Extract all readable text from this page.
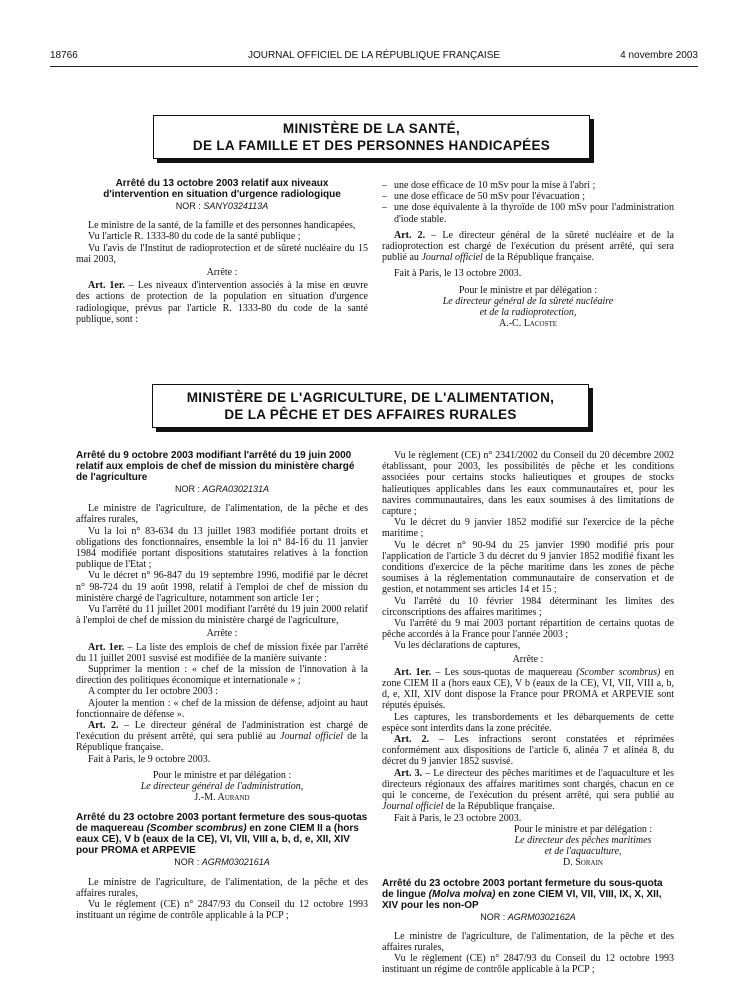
18766	JOURNAL OFFICIEL DE LA RÉPUBLIQUE FRANÇAISE	4 novembre 2003
MINISTÈRE DE LA SANTÉ,
DE LA FAMILLE ET DES PERSONNES HANDICAPÉES
Arrêté du 13 octobre 2003 relatif aux niveaux d'intervention en situation d'urgence radiologique
NOR : SANY0324113A

Le ministre de la santé, de la famille et des personnes handicapées,

Vu l'article R. 1333-80 du code de la santé publique ;

Vu l'avis de l'Institut de radioprotection et de sûreté nucléaire du 15 mai 2003,

Arrête :

Art. 1er. – Les niveaux d'intervention associés à la mise en œuvre des actions de protection de la population en situation d'urgence radiologique, prévus par l'article R. 1333-80 du code de la santé publique, sont :

– une dose efficace de 10 mSv pour la mise à l'abri ;

– une dose efficace de 50 mSv pour l'évacuation ;

– une dose équivalente à la thyroïde de 100 mSv pour l'administration d'iode stable.

Art. 2. – Le directeur général de la sûreté nucléaire et de la radioprotection est chargé de l'exécution du présent arrêté, qui sera publié au Journal officiel de la République française.

Fait à Paris, le 13 octobre 2003.

Pour le ministre et par délégation :
Le directeur général de la sûreté nucléaire
et de la radioprotection,
A.-C. Lacoste
MINISTÈRE DE L'AGRICULTURE, DE L'ALIMENTATION,
DE LA PÊCHE ET DES AFFAIRES RURALES
Arrêté du 9 octobre 2003 modifiant l'arrêté du 19 juin 2000 relatif aux emplois de chef de mission du ministère chargé de l'agriculture
NOR : AGRA0302131A

Le ministre de l'agriculture, de l'alimentation, de la pêche et des affaires rurales,

Vu la loi n° 83-634 du 13 juillet 1983 modifiée portant droits et obligations des fonctionnaires, ensemble la loi n° 84-16 du 11 janvier 1984 modifiée portant dispositions statutaires relatives à la fonction publique de l'Etat ;

Vu le décret n° 96-847 du 19 septembre 1996, modifié par le décret n° 98-724 du 19 août 1998, relatif à l'emploi de chef de mission du ministère chargé de l'agriculture, notamment son article 1er ;

Vu l'arrêté du 11 juillet 2001 modifiant l'arrêté du 19 juin 2000 relatif à l'emploi de chef de mission du ministère chargé de l'agriculture,

Arrête :

Art. 1er. – La liste des emplois de chef de mission fixée par l'arrêté du 11 juillet 2001 susvisé est modifiée de la manière suivante :

Supprimer la mention : « chef de la mission de l'innovation à la direction des politiques économique et internationale » ;

A compter du 1er octobre 2003 :

Ajouter la mention : « chef de la mission de défense, adjoint au haut fonctionnaire de défense ».

Art. 2. – Le directeur général de l'administration est chargé de l'exécution du présent arrêté, qui sera publié au Journal officiel de la République française.

Fait à Paris, le 9 octobre 2003.

Pour le ministre et par délégation :
Le directeur général de l'administration,
J.-M. Aurand
Arrêté du 23 octobre 2003 portant fermeture des sous-quotas de maquereau (Scomber scombrus) en zone CIEM II a (hors eaux CE), V b (eaux de la CE), VI, VII, VIII a, b, d, e, XII, XIV pour PROMA et ARPEVIE
NOR : AGRM0302161A

Le ministre de l'agriculture, de l'alimentation, de la pêche et des affaires rurales,

Vu le règlement (CE) n° 2847/93 du Conseil du 12 octobre 1993 instituant un régime de contrôle applicable à la PCP ;

Vu le règlement (CE) n° 2341/2002 du Conseil du 20 décembre 2002 établissant, pour 2003, les possibilités de pêche et les conditions associées pour certains stocks halieutiques et groupes de stocks halieutiques applicables dans les eaux communautaires et, pour les navires communautaires, dans les eaux soumises à des limitations de capture ;

Vu le décret du 9 janvier 1852 modifié sur l'exercice de la pêche maritime ;

Vu le décret n° 90-94 du 25 janvier 1990 modifié pris pour l'application de l'article 3 du décret du 9 janvier 1852 modifié fixant les conditions d'exercice de la pêche maritime dans les zones de pêche soumises à la réglementation communautaire de conservation et de gestion, et notamment ses articles 14 et 15 ;

Vu l'arrêté du 10 février 1984 déterminant les limites des circonscriptions des affaires maritimes ;

Vu l'arrêté du 9 mai 2003 portant répartition de certains quotas de pêche accordés à la France pour l'année 2003 ;

Vu les déclarations de captures,

Arrête :

Art. 1er. – Les sous-quotas de maquereau (Scomber scombrus) en zone CIEM II a (hors eaux CE), V b (eaux de la CE), VI, VII, VIII a, b, d, e, XII, XIV dont dispose la France pour PROMA et ARPEVIE sont réputés épuisés.

Les captures, les transbordements et les débarquements de cette espèce sont interdits dans la zone précitée.

Art. 2. – Les infractions seront constatées et réprimées conformément aux dispositions de l'article 6, alinéa 7 et alinéa 8, du décret du 9 janvier 1852 susvisé.

Art. 3. – Le directeur des pêches maritimes et de l'aquaculture et les directeurs régionaux des affaires maritimes sont chargés, chacun en ce qui le concerne, de l'exécution du présent arrêté, qui sera publié au Journal officiel de la République française.

Fait à Paris, le 23 octobre 2003.

Pour le ministre et par délégation :
Le directeur des pêches maritimes
et de l'aquaculture,
D. Sorain
Arrêté du 23 octobre 2003 portant fermeture du sous-quota de lingue (Molva molva) en zone CIEM VI, VII, VIII, IX, X, XII, XIV pour les non-OP
NOR : AGRM0302162A

Le ministre de l'agriculture, de l'alimentation, de la pêche et des affaires rurales,

Vu le règlement (CE) n° 2847/93 du Conseil du 12 octobre 1993 instituant un régime de contrôle applicable à la PCP ;
